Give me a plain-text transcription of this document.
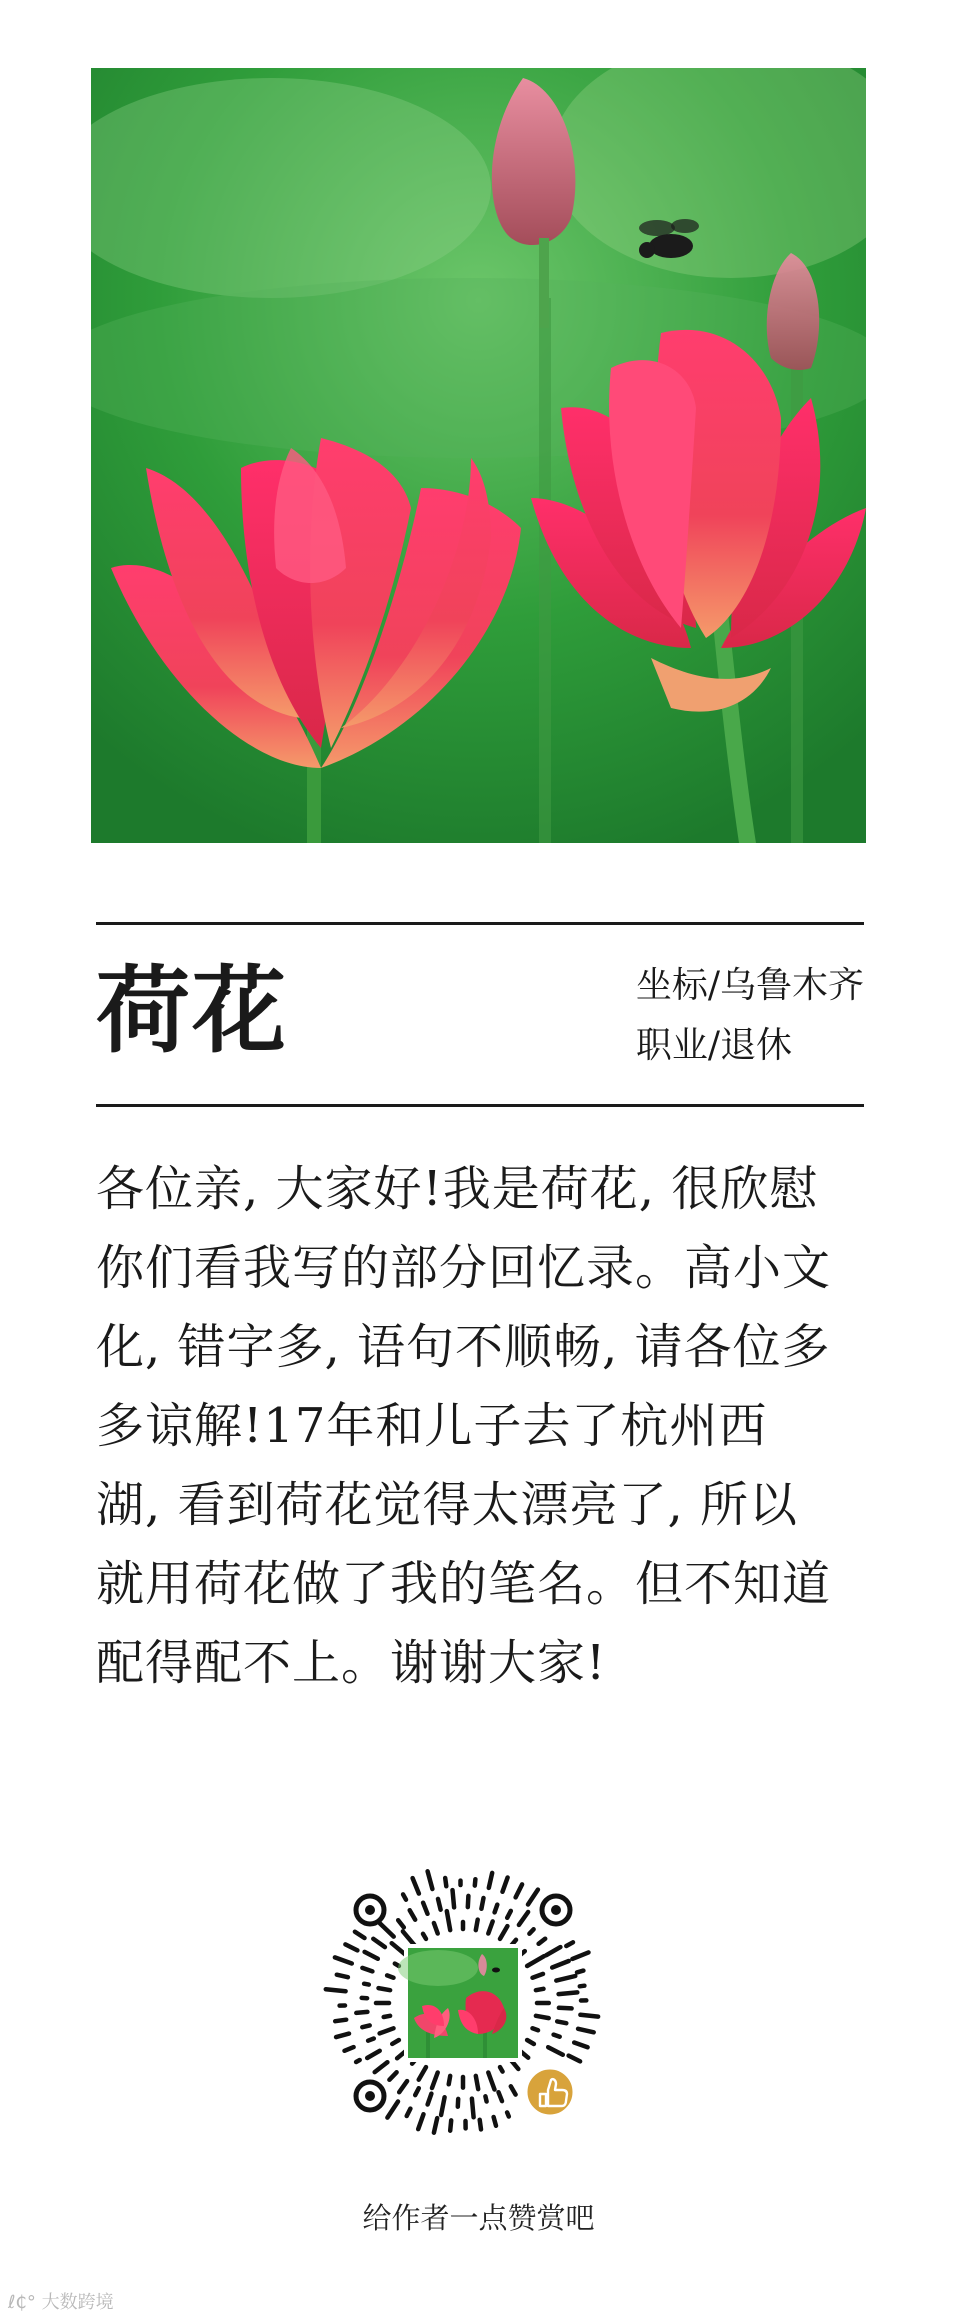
荷花	坐标/乌鲁木齐
职业/退休
各位亲, 大家好!我是荷花, 很欣慰
你们看我写的部分回忆录。高小文
化, 错字多, 语句不顺畅, 请各位多
多谅解!17年和儿子去了杭州西
湖, 看到荷花觉得太漂亮了, 所以
就用荷花做了我的笔名。但不知道
配得配不上。谢谢大家!
给作者一点赞赏吧
ℓ₵° 大数跨境
